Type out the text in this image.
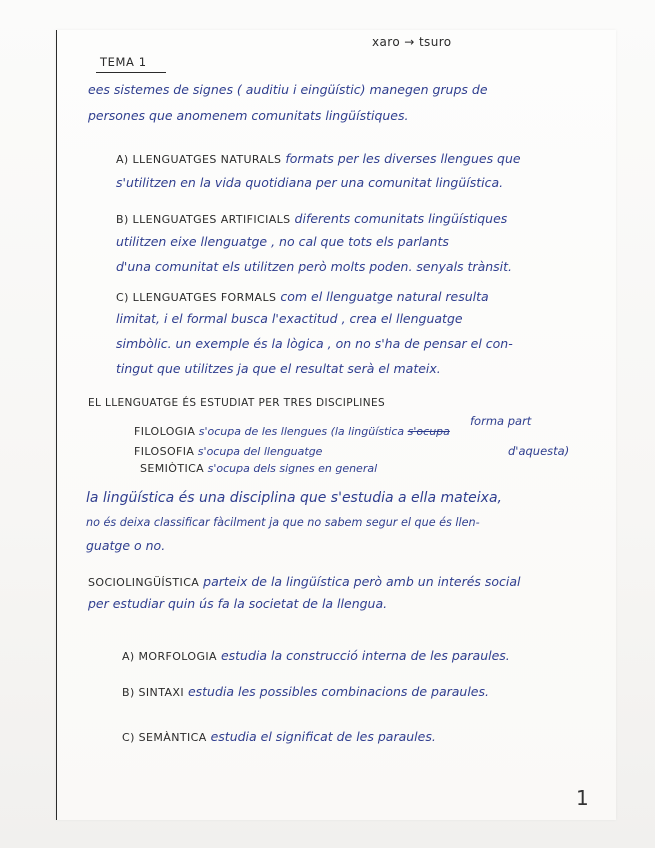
xaro → tsuro
TEMA 1
ees sistemes de signes ( auditiu i eingüístic) manegen grups de
persones que anomenem comunitats lingüístiques.
A) LLENGUATGES NATURALS formats per les diverses llengues que
s'utilitzen en la vida quotidiana per una comunitat lingüística.
B) LLENGUATGES ARTIFICIALS diferents comunitats lingüístiques
utilitzen eixe llenguatge , no cal que tots els parlants
d'una comunitat els utilitzen però molts poden. senyals trànsit.
C) LLENGUATGES FORMALS com el llenguatge natural resulta
limitat, i el formal busca l'exactitud , crea el llenguatge
simbòlic. un exemple és la lògica , on no s'ha de pensar el con-
tingut que utilitzes ja que el resultat serà el mateix.
EL LLENGUATGE ÉS ESTUDIAT PER TRES DISCIPLINES
forma part
FILOLOGIA s'ocupa de les llengues (la lingüística s'ocupa
FILOSOFIA s'ocupa del llenguatge	d'aquesta)
SEMIÒTICA s'ocupa dels signes en general
la lingüística és una disciplina que s'estudia a ella mateixa,
no és deixa classificar fàcilment ja que no sabem segur el que és llen-
guatge o no.
SOCIOLINGÜÍSTICA parteix de la lingüística però amb un interés social
per estudiar quin ús fa la societat de la llengua.
A) MORFOLOGIA estudia la construcció interna de les paraules.
B) SINTAXI estudia les possibles combinacions de paraules.
C) SEMÀNTICA estudia el significat de les paraules.
1
